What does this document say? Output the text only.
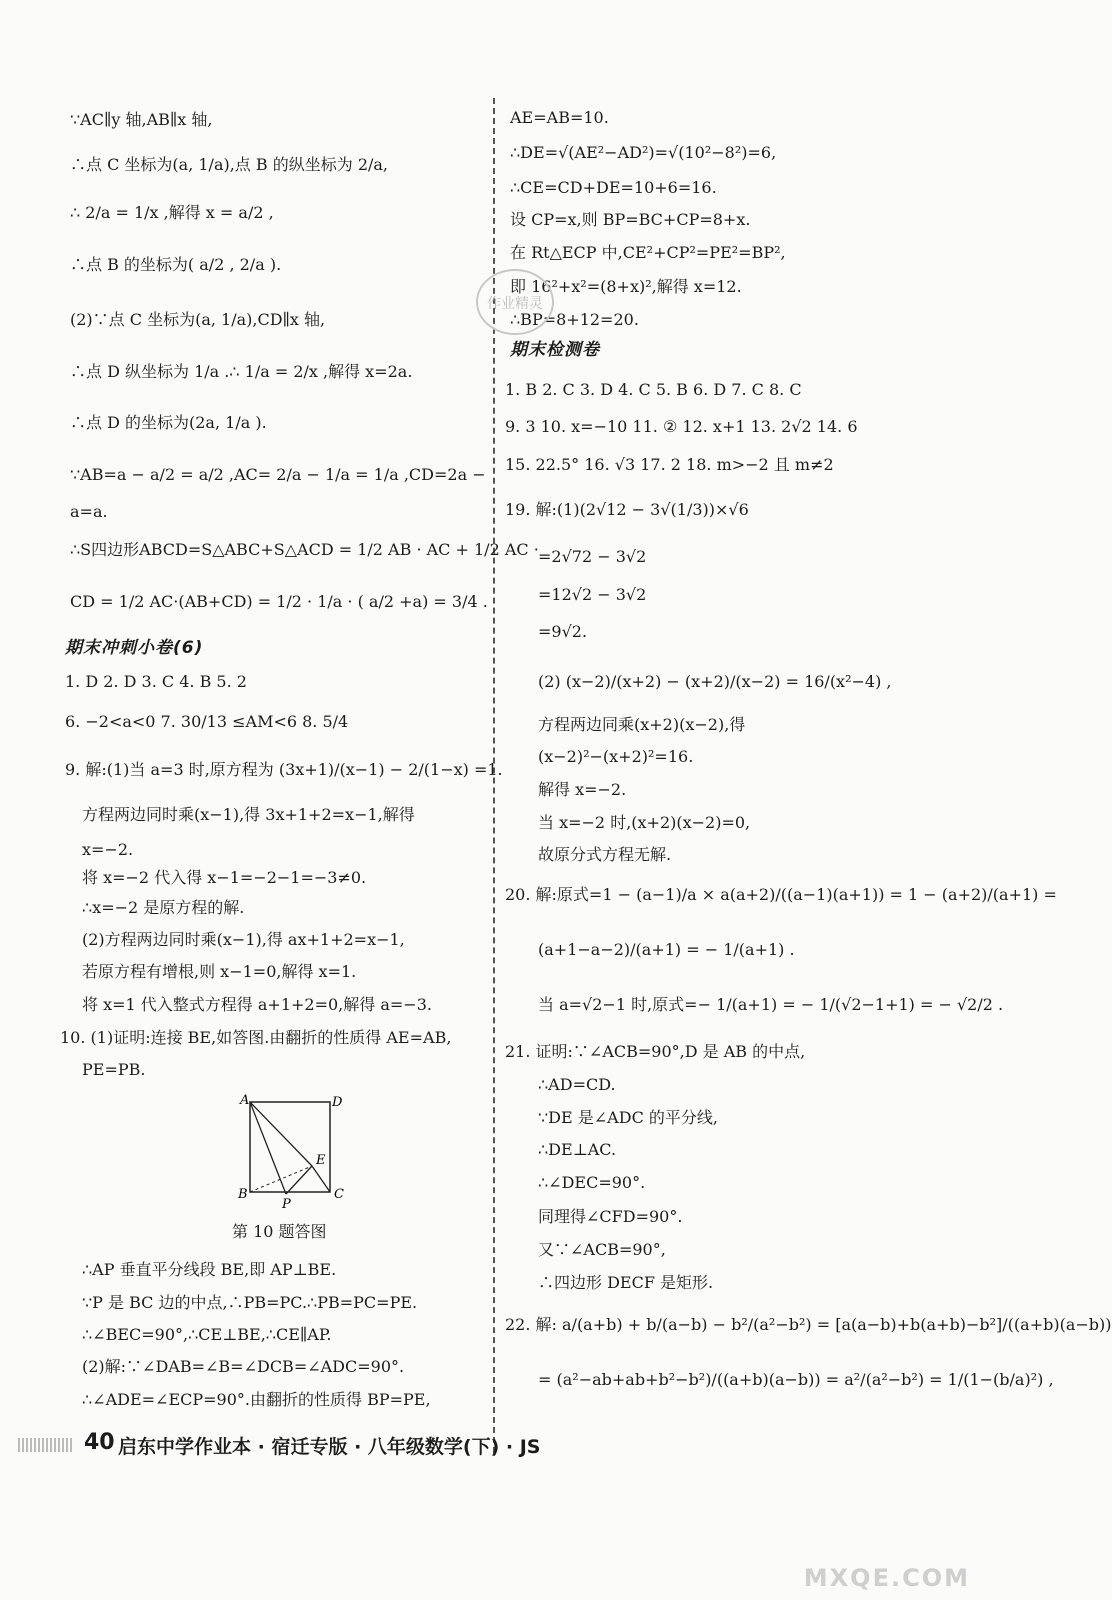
∵AC∥y 轴,AB∥x 轴,
∴点 C 坐标为(a, 1/a),点 B 的纵坐标为 2/a,
∴ 2/a = 1/x ,解得 x = a/2 ,
∴点 B 的坐标为( a/2 , 2/a ).
(2)∵点 C 坐标为(a, 1/a),CD∥x 轴,
∴点 D 纵坐标为 1/a .∴ 1/a = 2/x ,解得 x=2a.
∴点 D 的坐标为(2a, 1/a ).
∵AB=a − a/2 = a/2 ,AC= 2/a − 1/a = 1/a ,CD=2a −
a=a.
∴S四边形ABCD=S△ABC+S△ACD = 1/2 AB · AC + 1/2 AC ·
CD = 1/2 AC·(AB+CD) = 1/2 · 1/a · ( a/2 +a) = 3/4 .
期末冲刺小卷(6)
1. D 2. D 3. C 4. B 5. 2
6. −2<a<0 7. 30/13 ≤AM<6 8. 5/4
9. 解:(1)当 a=3 时,原方程为 (3x+1)/(x−1) − 2/(1−x) =1.
方程两边同时乘(x−1),得 3x+1+2=x−1,解得
x=−2.
将 x=−2 代入得 x−1=−2−1=−3≠0.
∴x=−2 是原方程的解.
(2)方程两边同时乘(x−1),得 ax+1+2=x−1,
若原方程有增根,则 x−1=0,解得 x=1.
将 x=1 代入整式方程得 a+1+2=0,解得 a=−3.
10. (1)证明:连接 BE,如答图.由翻折的性质得 AE=AB,
PE=PB.
第 10 题答图
∴AP 垂直平分线段 BE,即 AP⊥BE.
∵P 是 BC 边的中点,∴PB=PC.∴PB=PC=PE.
∴∠BEC=90°,∴CE⊥BE,∴CE∥AP.
(2)解:∵∠DAB=∠B=∠DCB=∠ADC=90°.
∴∠ADE=∠ECP=90°.由翻折的性质得 BP=PE,
AE=AB=10.
∴DE=√(AE²−AD²)=√(10²−8²)=6,
∴CE=CD+DE=10+6=16.
设 CP=x,则 BP=BC+CP=8+x.
在 Rt△ECP 中,CE²+CP²=PE²=BP²,
即 16²+x²=(8+x)²,解得 x=12.
∴BP=8+12=20.
期末检测卷
1. B 2. C 3. D 4. C 5. B 6. D 7. C 8. C
9. 3 10. x=−10 11. ② 12. x+1 13. 2√2 14. 6
15. 22.5° 16. √3 17. 2 18. m>−2 且 m≠2
19. 解:(1)(2√12 − 3√(1/3))×√6
=2√72 − 3√2
=12√2 − 3√2
=9√2.
(2) (x−2)/(x+2) − (x+2)/(x−2) = 16/(x²−4) ,
方程两边同乘(x+2)(x−2),得
(x−2)²−(x+2)²=16.
解得 x=−2.
当 x=−2 时,(x+2)(x−2)=0,
故原分式方程无解.
20. 解:原式=1 − (a−1)/a × a(a+2)/((a−1)(a+1)) = 1 − (a+2)/(a+1) =
(a+1−a−2)/(a+1) = − 1/(a+1) .
当 a=√2−1 时,原式=− 1/(a+1) = − 1/(√2−1+1) = − √2/2 .
21. 证明:∵∠ACB=90°,D 是 AB 的中点,
∴AD=CD.
∵DE 是∠ADC 的平分线,
∴DE⊥AC.
∴∠DEC=90°.
同理得∠CFD=90°.
又∵∠ACB=90°,
∴四边形 DECF 是矩形.
22. 解: a/(a+b) + b/(a−b) − b²/(a²−b²) = [a(a−b)+b(a+b)−b²]/((a+b)(a−b))
= (a²−ab+ab+b²−b²)/((a+b)(a−b)) = a²/(a²−b²) = 1/(1−(b/a)²) ,
A	D
E
B
P
C
作业精灵
40 启东中学作业本 · 宿迁专版 · 八年级数学(下) · JS
MXQE.COM
